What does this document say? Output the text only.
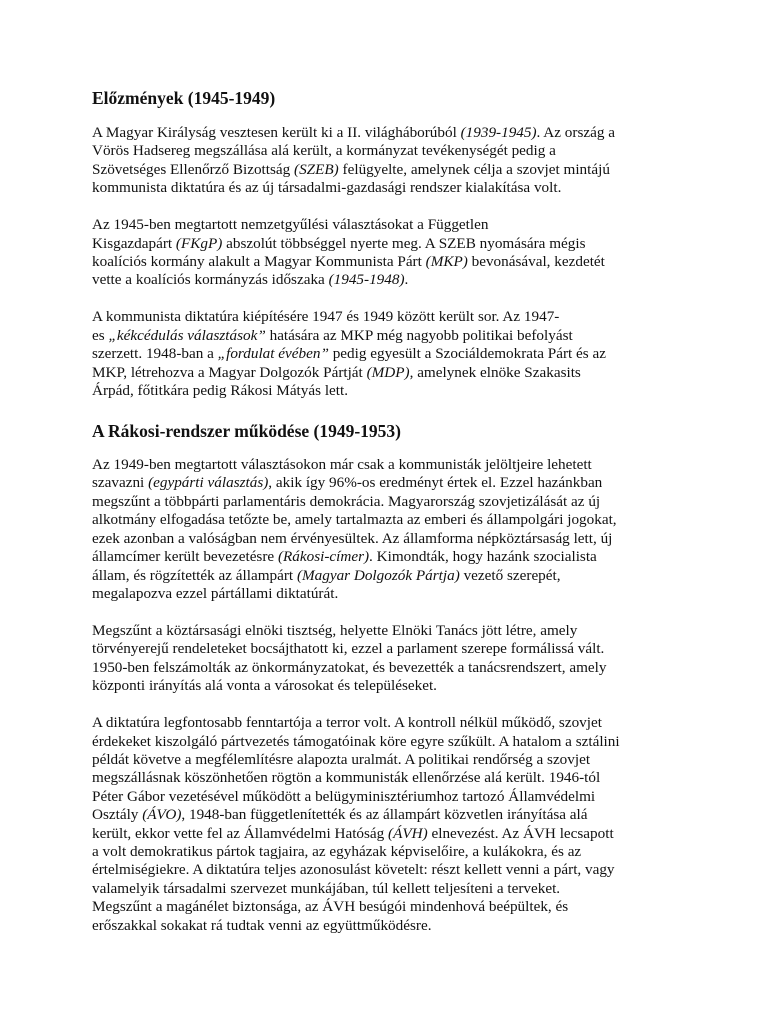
Előzmények (1945-1949)

A Magyar Királyság vesztesen került ki a II. világháborúból (1939-1945). Az ország a
Vörös Hadsereg megszállása alá került, a kormányzat tevékenységét pedig a
Szövetséges Ellenőrző Bizottság (SZEB) felügyelte, amelynek célja a szovjet mintájú
kommunista diktatúra és az új társadalmi-gazdasági rendszer kialakítása volt.

Az 1945-ben megtartott nemzetgyűlési választásokat a Független
Kisgazdapárt (FKgP) abszolút többséggel nyerte meg. A SZEB nyomására mégis
koalíciós kormány alakult a Magyar Kommunista Párt (MKP) bevonásával, kezdetét
vette a koalíciós kormányzás időszaka (1945-1948).

A kommunista diktatúra kiépítésére 1947 és 1949 között került sor. Az 1947-
es „kékcédulás választások” hatására az MKP még nagyobb politikai befolyást
szerzett. 1948-ban a „fordulat évében” pedig egyesült a Szociáldemokrata Párt és az
MKP, létrehozva a Magyar Dolgozók Pártját (MDP), amelynek elnöke Szakasits
Árpád, főtitkára pedig Rákosi Mátyás lett.

A Rákosi-rendszer működése (1949-1953)

Az 1949-ben megtartott választásokon már csak a kommunisták jelöltjeire lehetett
szavazni (egypárti választás), akik így 96%-os eredményt értek el. Ezzel hazánkban
megszűnt a többpárti parlamentáris demokrácia. Magyarország szovjetizálását az új
alkotmány elfogadása tetőzte be, amely tartalmazta az emberi és állampolgári jogokat,
ezek azonban a valóságban nem érvényesültek. Az államforma népköztársaság lett, új
államcímer került bevezetésre (Rákosi-címer). Kimondták, hogy hazánk szocialista
állam, és rögzítették az állampárt (Magyar Dolgozók Pártja) vezető szerepét,
megalapozva ezzel pártállami diktatúrát.

Megszűnt a köztársasági elnöki tisztség, helyette Elnöki Tanács jött létre, amely
törvényerejű rendeleteket bocsájthatott ki, ezzel a parlament szerepe formálissá vált.
1950-ben felszámolták az önkormányzatokat, és bevezették a tanácsrendszert, amely
központi irányítás alá vonta a városokat és településeket.

A diktatúra legfontosabb fenntartója a terror volt. A kontroll nélkül működő, szovjet
érdekeket kiszolgáló pártvezetés támogatóinak köre egyre szűkült. A hatalom a sztálini
példát követve a megfélemlítésre alapozta uralmát. A politikai rendőrség a szovjet
megszállásnak köszönhetően rögtön a kommunisták ellenőrzése alá került. 1946-tól
Péter Gábor vezetésével működött a belügyminisztériumhoz tartozó Államvédelmi
Osztály (ÁVO), 1948-ban függetlenítették és az állampárt közvetlen irányítása alá
került, ekkor vette fel az Államvédelmi Hatóság (ÁVH) elnevezést. Az ÁVH lecsapott
a volt demokratikus pártok tagjaira, az egyházak képviselőire, a kulákokra, és az
értelmiségiekre. A diktatúra teljes azonosulást követelt: részt kellett venni a párt, vagy
valamelyik társadalmi szervezet munkájában, túl kellett teljesíteni a terveket.
Megszűnt a magánélet biztonsága, az ÁVH besúgói mindenhová beépültek, és
erőszakkal sokakat rá tudtak venni az együttműködésre.
